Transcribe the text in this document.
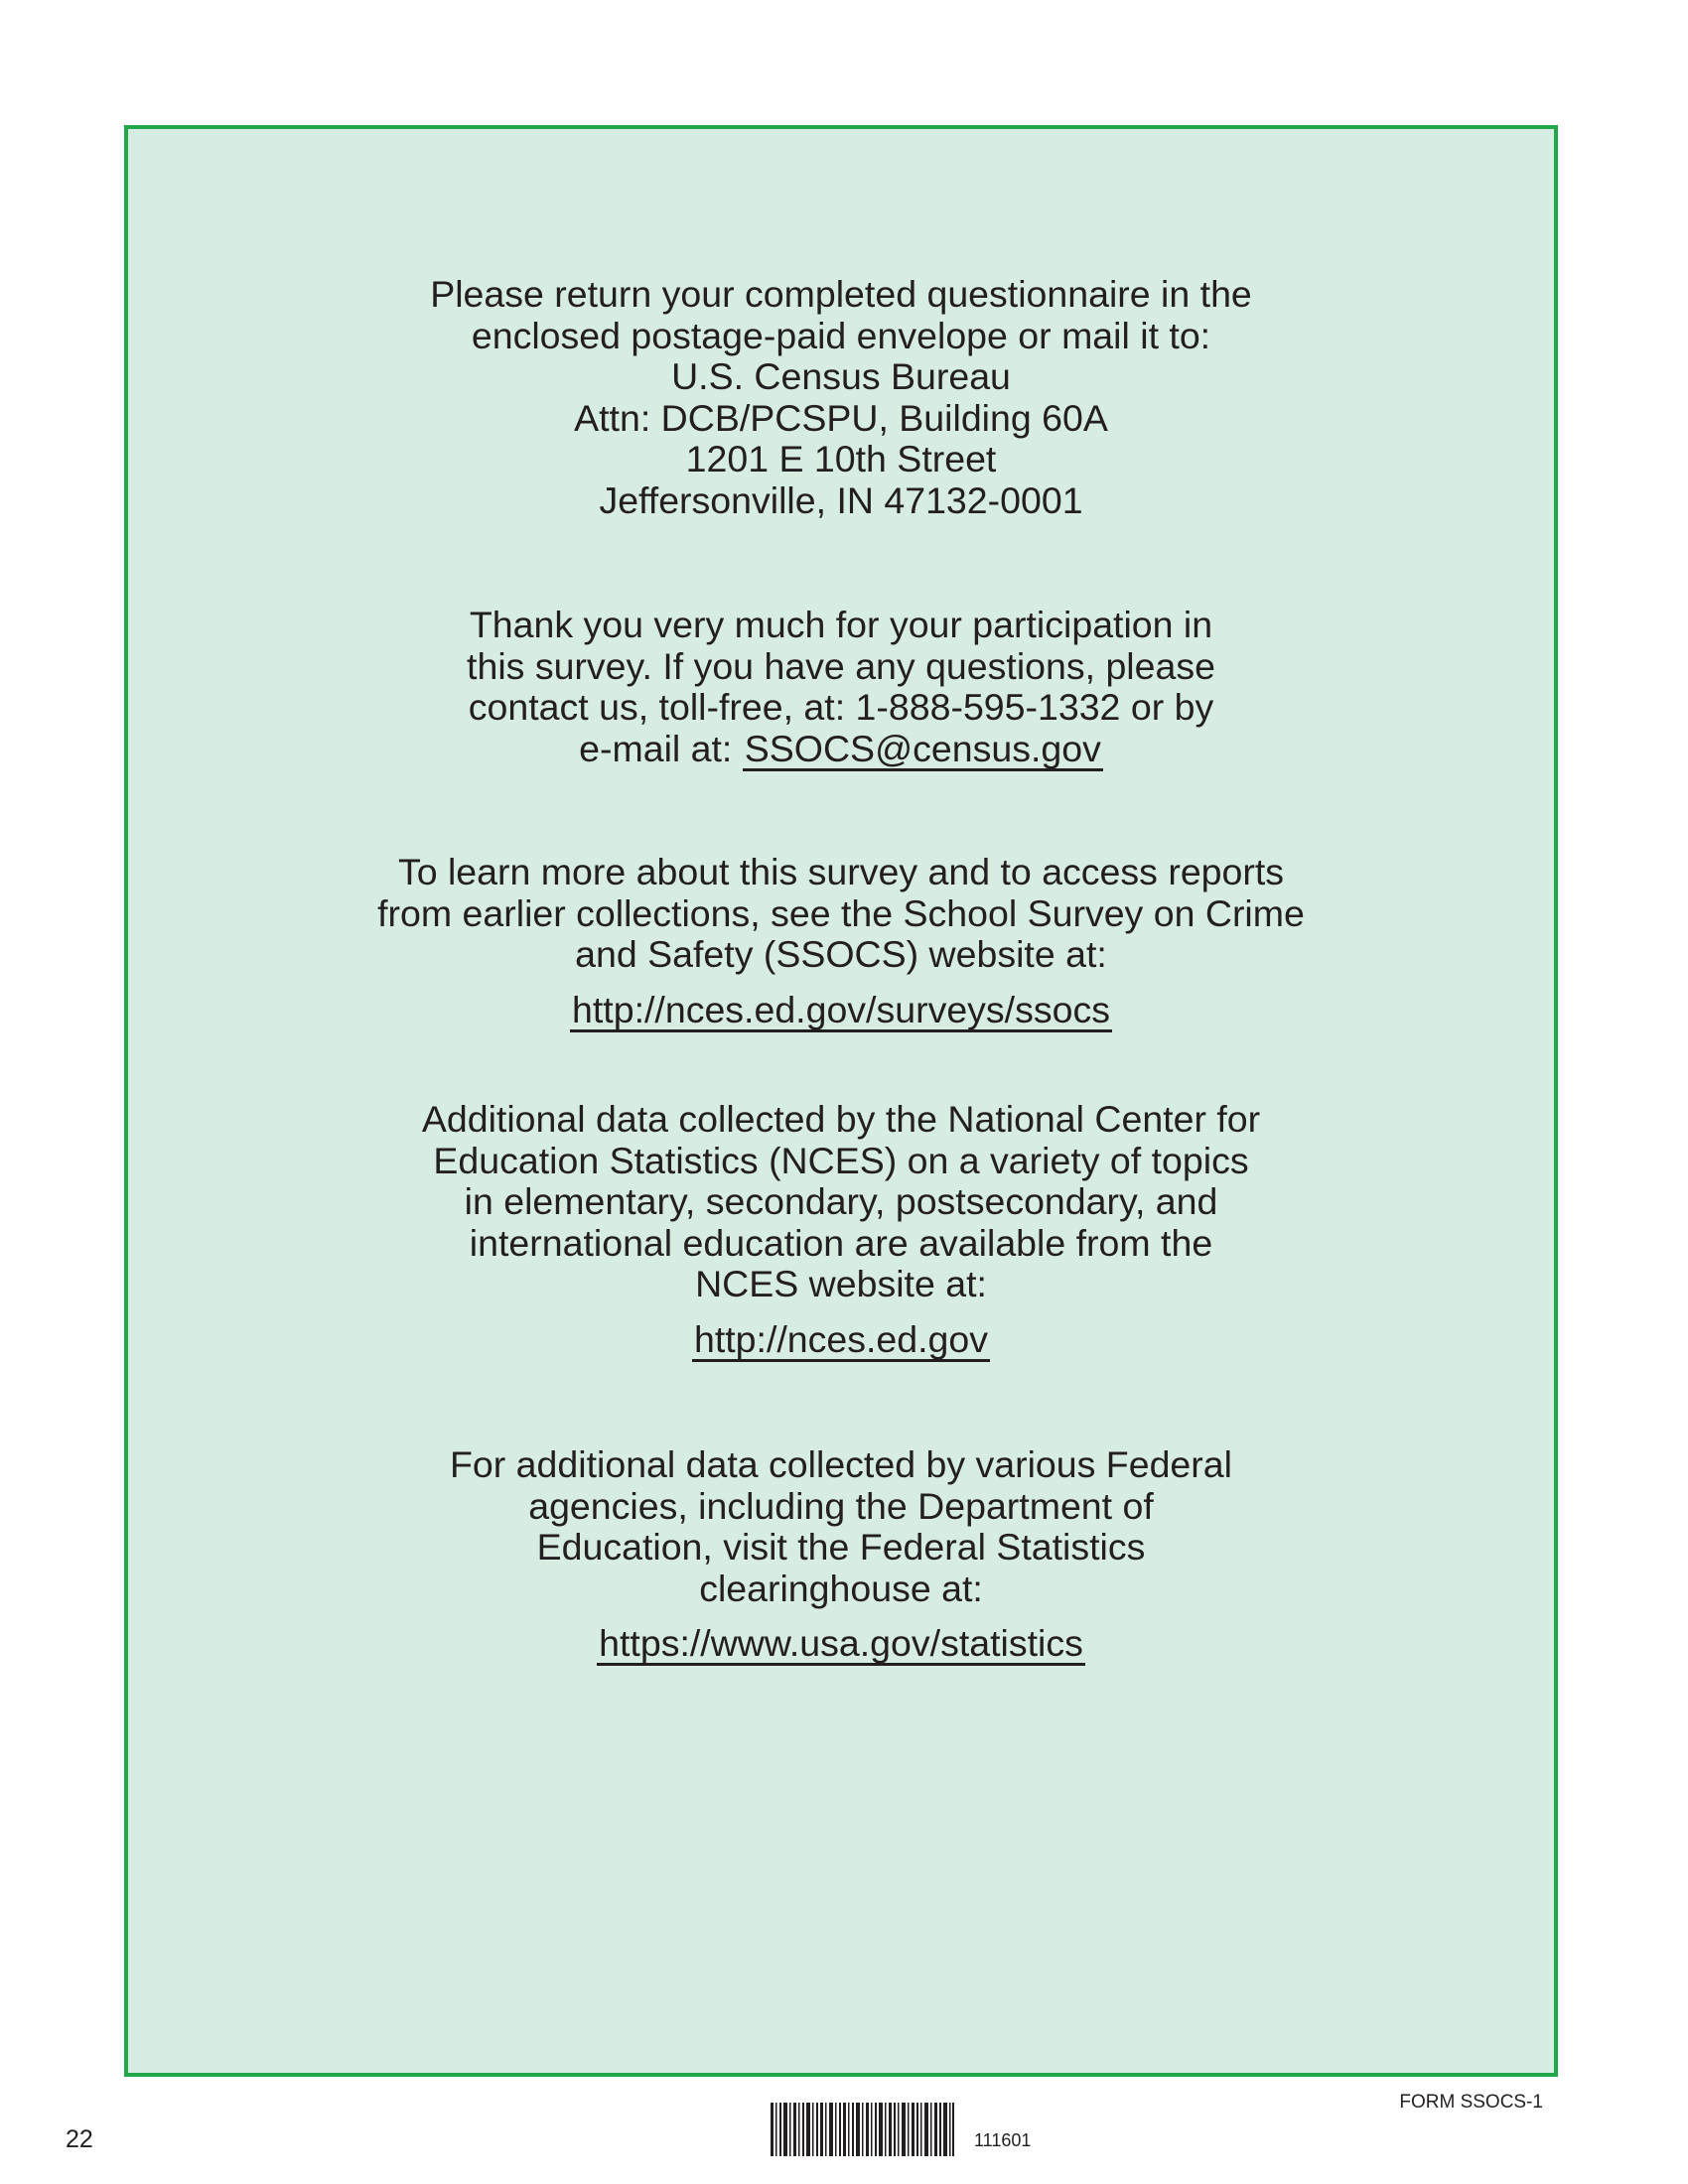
Please return your completed questionnaire in the
enclosed postage-paid envelope or mail it to:
U.S. Census Bureau
Attn: DCB/PCSPU, Building 60A
1201 E 10th Street
Jeffersonville, IN 47132-0001
Thank you very much for your participation in
this survey. If you have any questions, please
contact us, toll-free, at: 1-888-595-1332 or by
e-mail at: SSOCS@census.gov
To learn more about this survey and to access reports
from earlier collections, see the School Survey on Crime
and Safety (SSOCS) website at:
http://nces.ed.gov/surveys/ssocs
Additional data collected by the National Center for
Education Statistics (NCES) on a variety of topics
in elementary, secondary, postsecondary, and
international education are available from the
NCES website at:
http://nces.ed.gov
For additional data collected by various Federal
agencies, including the Department of
Education, visit the Federal Statistics
clearinghouse at:
https://www.usa.gov/statistics
22
FORM SSOCS-1
111601
